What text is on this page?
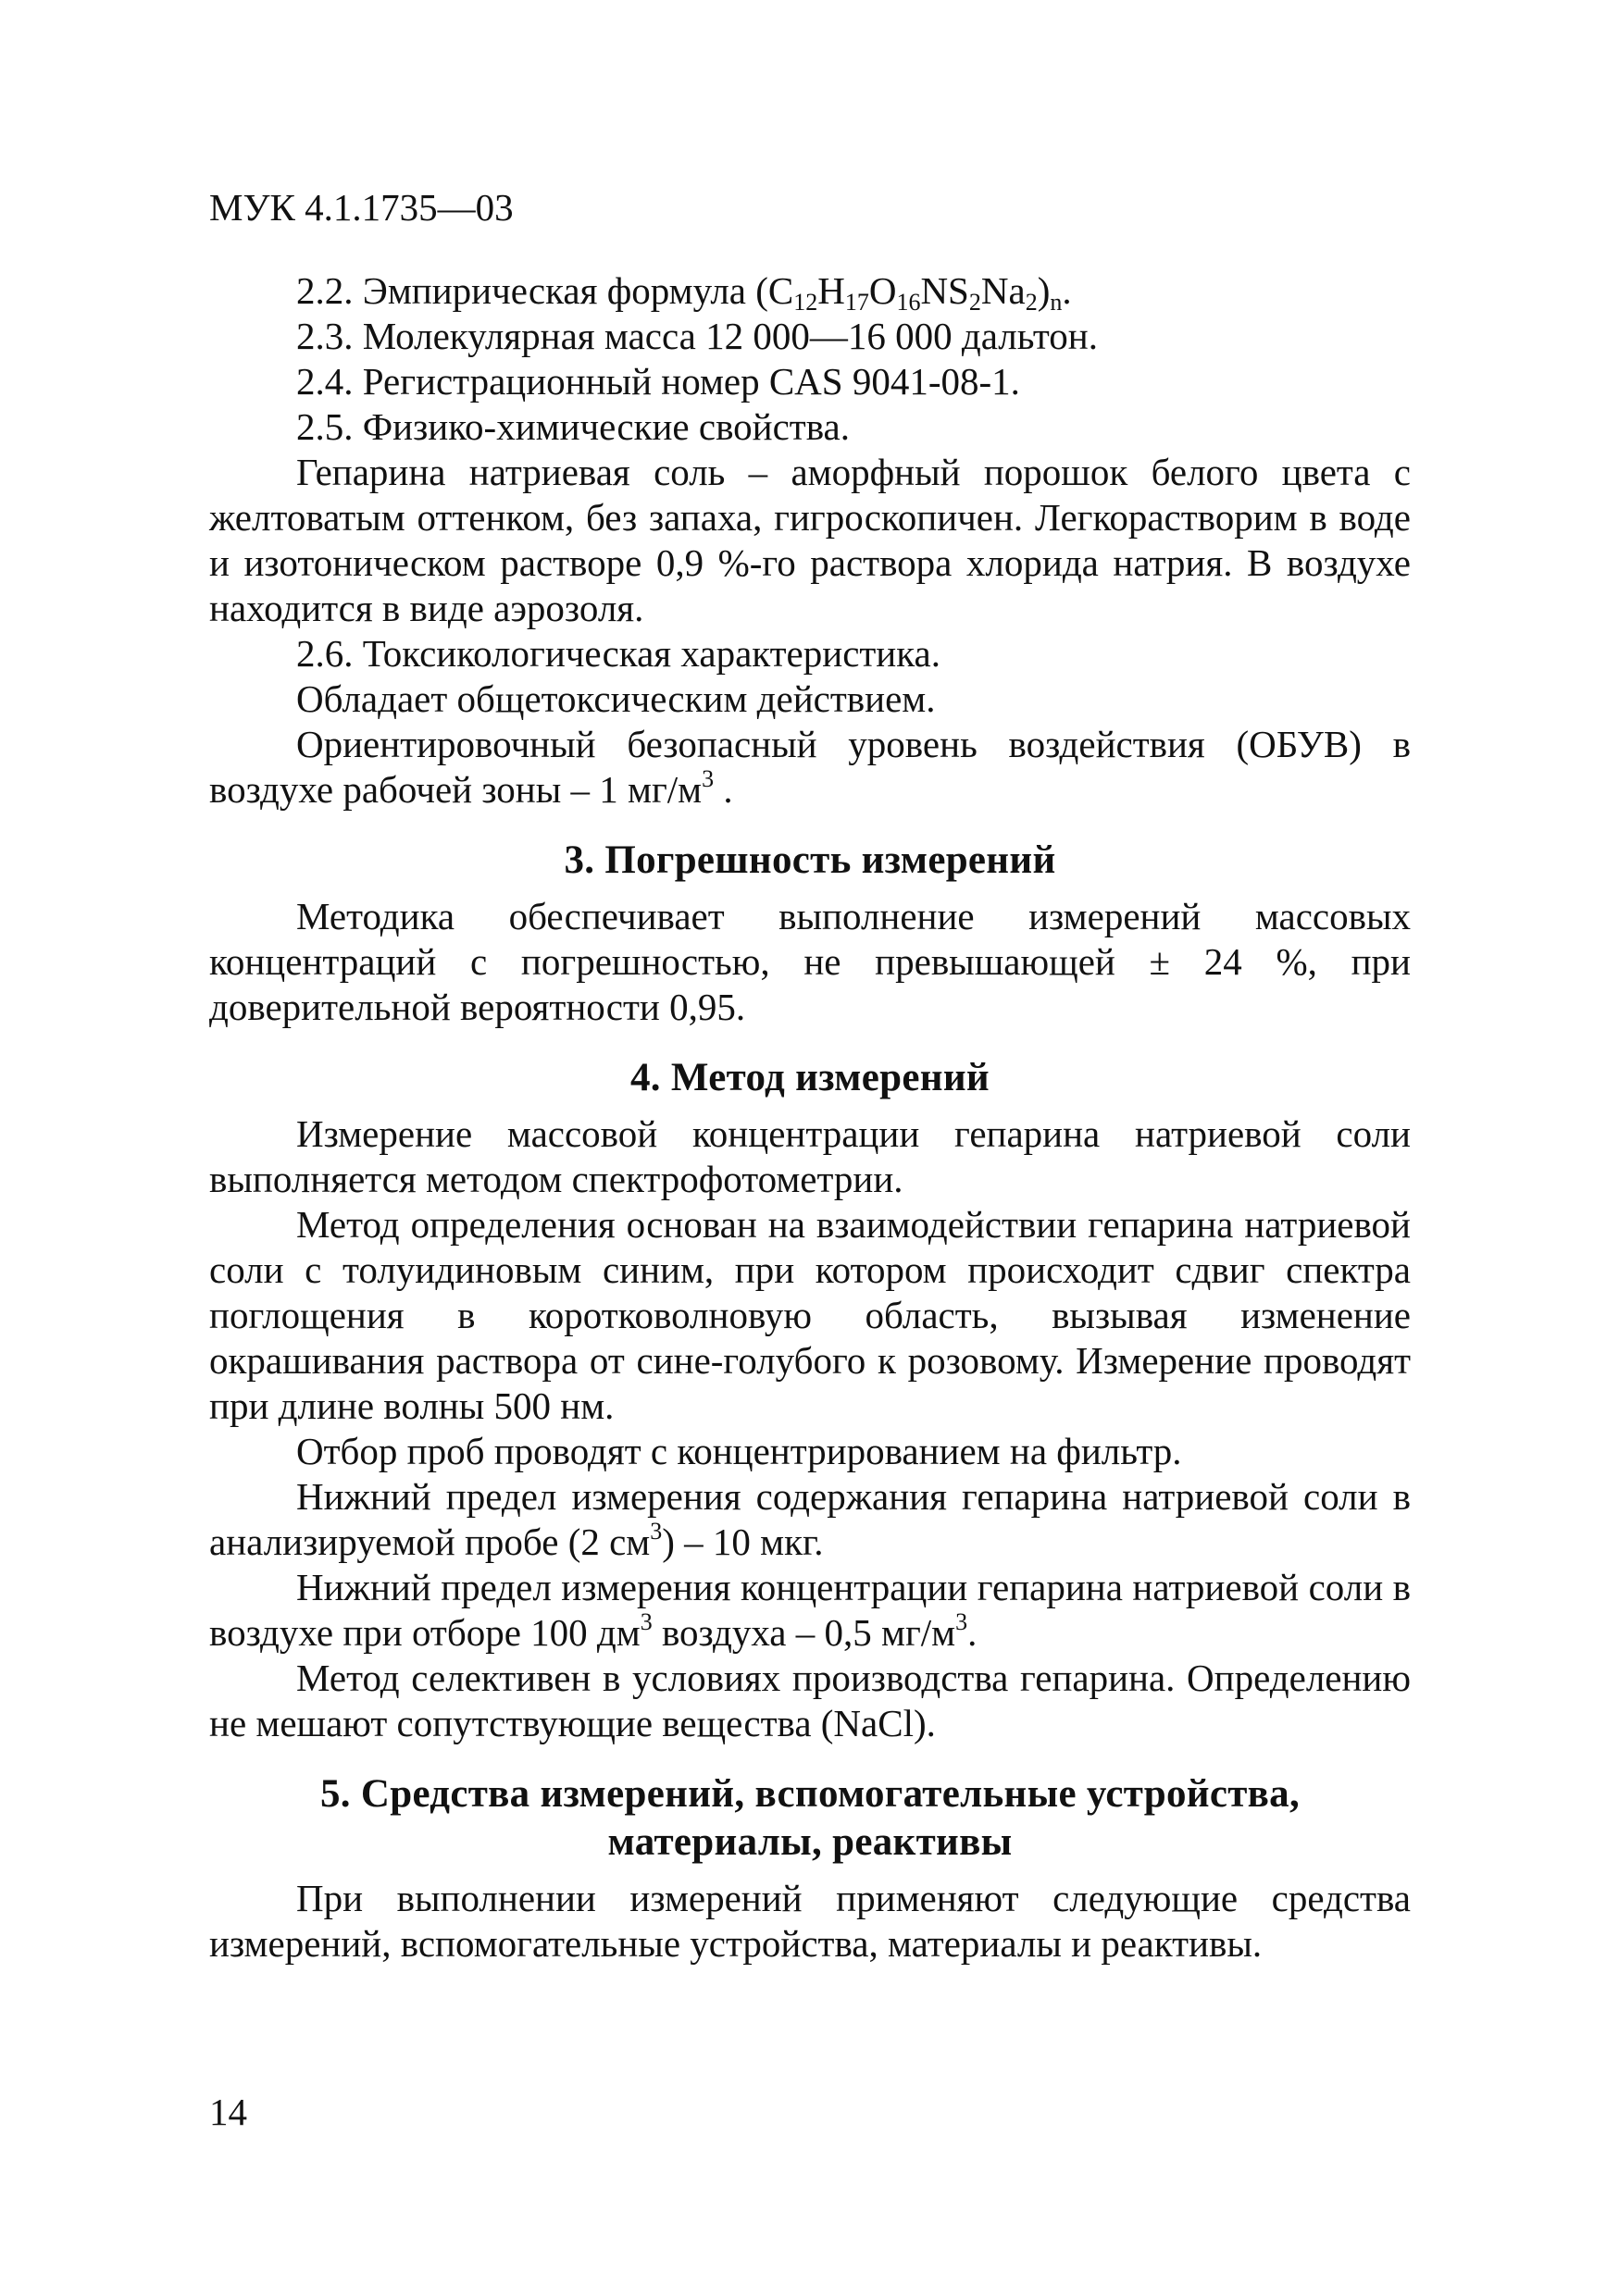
МУК 4.1.1735—03

2.2. Эмпирическая формула $(C_{12}H_{17}O_{16}NS_2Na_2)_n$.

2.3. Молекулярная масса 12 000—16 000 дальтон.

2.4. Регистрационный номер CAS 9041-08-1.

2.5. Физико-химические свойства.

Гепарина натриевая соль – аморфный порошок белого цвета с желтоватым оттенком, без запаха, гигроскопичен. Легкорастворим в воде и изотоническом растворе 0,9 %-го раствора хлорида натрия. В воздухе находится в виде аэрозоля.

2.6. Токсикологическая характеристика.

Обладает общетоксическим действием.

Ориентировочный безопасный уровень воздействия (ОБУВ) в воздухе рабочей зоны – 1 $мг/м^3$ .

3. Погрешность измерений

Методика обеспечивает выполнение измерений массовых концентраций с погрешностью, не превышающей ± 24 %, при доверительной вероятности 0,95.

4. Метод измерений

Измерение массовой концентрации гепарина натриевой соли выполняется методом спектрофотометрии.

Метод определения основан на взаимодействии гепарина натриевой соли с толуидиновым синим, при котором происходит сдвиг спектра поглощения в коротковолновую область, вызывая изменение окрашивания раствора от сине-голубого к розовому. Измерение проводят при длине волны 500 нм.

Отбор проб проводят с концентрированием на фильтр.

Нижний предел измерения содержания гепарина натриевой соли в анализируемой пробе (2 $см^3) - 10$ мкг.

Нижний предел измерения концентрации гепарина натриевой соли в воздухе при отборе 100 $дм^3$ воздуха – 0,5 $мг/м^3$.

Метод селективен в условиях производства гепарина. Определению не мешают сопутствующие вещества (NaCl).

5. Средства измерений, вспомогательные устройства,
материалы, реактивы

При выполнении измерений применяют следующие средства измерений, вспомогательные устройства, материалы и реактивы.

14
